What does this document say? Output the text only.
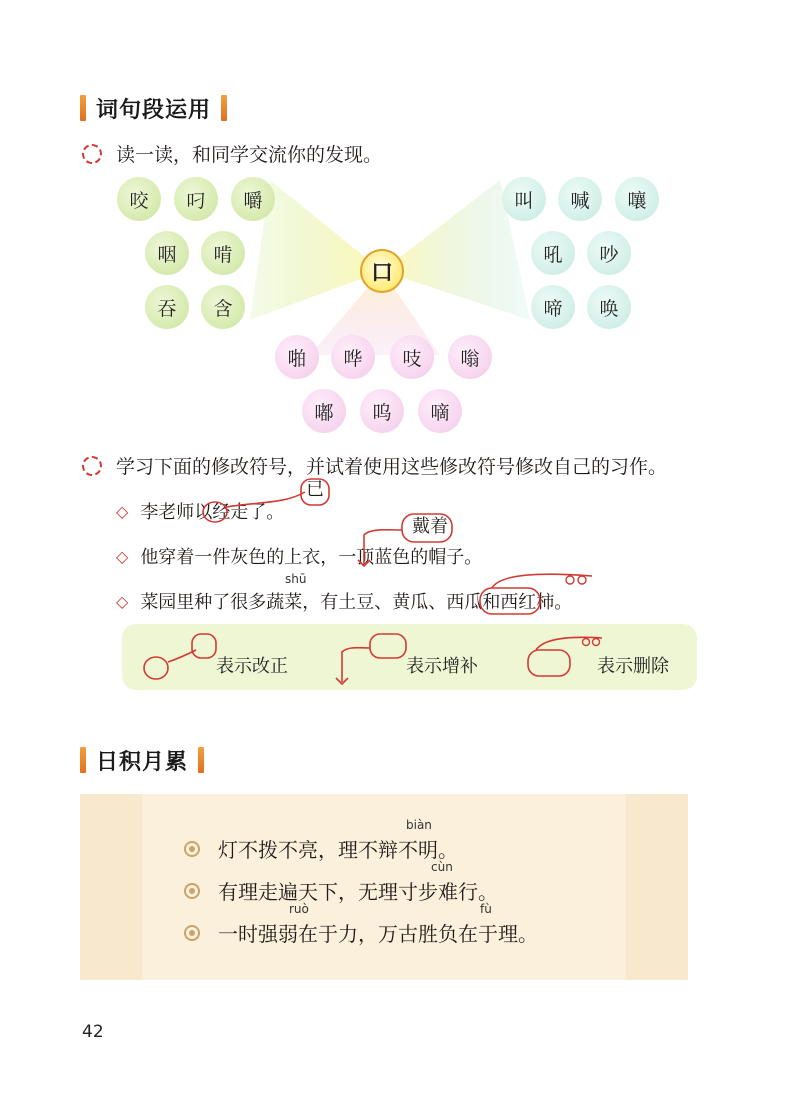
词句段运用
读一读，和同学交流你的发现。
咬	叼	嚼
咽	啃
吞	含
口
叫	喊	嚷
吼	吵
啼	唤
啪	哗	吱	嗡
嘟	呜	嘀
学习下面的修改符号，并试着使用这些修改符号修改自己的习作。
◇ 李老师 以 经走了。
已
◇ 他穿着一件灰色的上衣， 一顶蓝色的帽子。
戴着
shū
◇ 菜园里种了很多蔬菜，有土豆、黄瓜 、西瓜 和西红柿。
表示改正	表示增补	表示删除
日积月累
biàn
灯不拨不亮，理不辩不明。
cùn
有理走遍天下，无理寸步难行。
ruò	fù
一时强弱在于力，万古胜负在于理。
42
